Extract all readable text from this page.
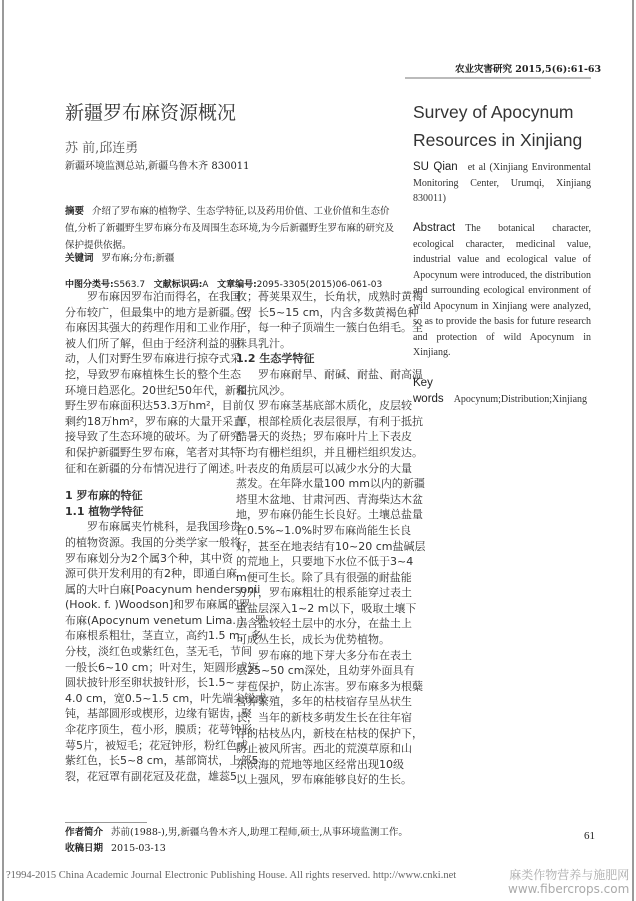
农业灾害研究 2015,5(6):61-63
新疆罗布麻资源概况
苏 前,邱连勇
新疆环境监测总站,新疆乌鲁木齐 830011
摘要 介绍了罗布麻的植物学、生态学特征,以及药用价值、工业价值和生态价值,分析了新疆野生罗布麻分布及周围生态环境,为今后新疆野生罗布麻的研究及保护提供依据。
关键词 罗布麻;分布;新疆
中图分类号:S563.7 文献标识码:A 文章编号:2095-3305(2015)06-061-03
罗布麻因罗布泊而得名，在我国
分布较广，但最集中的地方是新疆。罗
布麻因其强大的药理作用和工业作用
被人们所了解，但由于经济利益的驱
动，人们对野生罗布麻进行掠夺式采
挖，导致罗布麻植株生长的整个生态
环境日趋恶化。20世纪50年代，新疆
野生罗布麻面积达53.3万hm²，目前仅
剩约18万hm²，罗布麻的大量开采直
接导致了生态环境的破坏。为了研究
和保护新疆野生罗布麻，笔者对其特
征和在新疆的分布情况进行了阐述。
1 罗布麻的特征
1.1 植物学特征
罗布麻属夹竹桃科，是我国珍贵
的植物资源。我国的分类学家一般将
罗布麻划分为2个属3个种，其中资
源可供开发利用的有2种，即通白麻
属的大叶白麻[Poacynum hendersonii
(Hook. f. )Woodson]和罗布麻属的罗
布麻(Apocynum venetum Lima. )。罗
布麻根系粗壮，茎直立，高约1.5 m，多
分枝，淡红色或紫红色，茎无毛，节间
一般长6~10 cm；叶对生，矩圆形或矩
圆状披针形至卵状披针形，长1.5~
4.0 cm，宽0.5~1.5 cm，叶先端尖锐或
钝，基部圆形或楔形，边缘有锯齿，聚
伞花序顶生，苞小形，膜质；花萼钟形，
萼5片，被短毛；花冠钟形，粉红色或
紫红色，长5~8 cm，基部筒状，上部5
裂，花冠罩有副花冠及花盘，雄蕊5
枚；蓇荚果双生，长角状，成熟时黄褐
色，长5~15 cm，内含多数黄褐色种
子，每一种子顶端生一簇白色绢毛。全
株具乳汁。
1.2 生态学特征
罗布麻耐旱、耐碱、耐盐、耐高温
和抗风沙。
罗布麻茎基底部木质化，皮层较
厚，根部栓质化表层很厚，有利于抵抗
酷暑天的炎热；罗布麻叶片上下表皮
下均有栅栏组织，并且栅栏组织发达。
叶表皮的角质层可以减少水分的大量
蒸发。在年降水量100 mm以内的新疆
塔里木盆地、甘肃河西、青海柴达木盆
地，罗布麻仍能生长良好。土壤总盐量
在0.5%~1.0%时罗布麻尚能生长良
好，甚至在地表结有10~20 cm盐碱层
的荒地上，只要地下水位不低于3~4
m便可生长。除了具有很强的耐盐能
力外，罗布麻粗壮的根系能穿过表土
重盐层深入1~2 m以下，吸取土壤下
层含盐较轻土层中的水分，在盐土上
可成丛生长，成长为优势植物。
罗布麻的地下芽大多分布在表土
层25~50 cm深处，且幼芽外面具有
芽苞保护，防止冻害。罗布麻多为根蘖
营养繁殖，多年的枯枝宿存呈丛状生
长，当年的新枝多萌发生长在往年宿
存的枯枝丛内，新枝在枯枝的保护下，
防止被风所害。西北的荒漠草原和山
东滨海的荒地等地区经常出现10级
以上强风，罗布麻能够良好的生长。
Survey of Apocynum Resources in Xinjiang
SU Qian et al (Xinjiang Environmental Monitoring Center, Urumqi, Xinjiang 830011)
Abstract The botanical character, ecological character, medicinal value, industrial value and ecological value of Apocynum were introduced, the distribution and surrounding ecological environment of wild Apocynum in Xinjiang were analyzed, so as to provide the basis for future research and protection of wild Apocynum in Xinjiang.
Key words Apocynum;Distribution;Xinjiang
作者简介 苏前(1988-),男,新疆乌鲁木齐人,助理工程师,硕士,从事环境监测工作。
收稿日期 2015-03-13
61
?1994-2015 China Academic Journal Electronic Publishing House. All rights reserved. http://www.cnki.net	麻类作物营养与施肥网
www.fibercrops.com
